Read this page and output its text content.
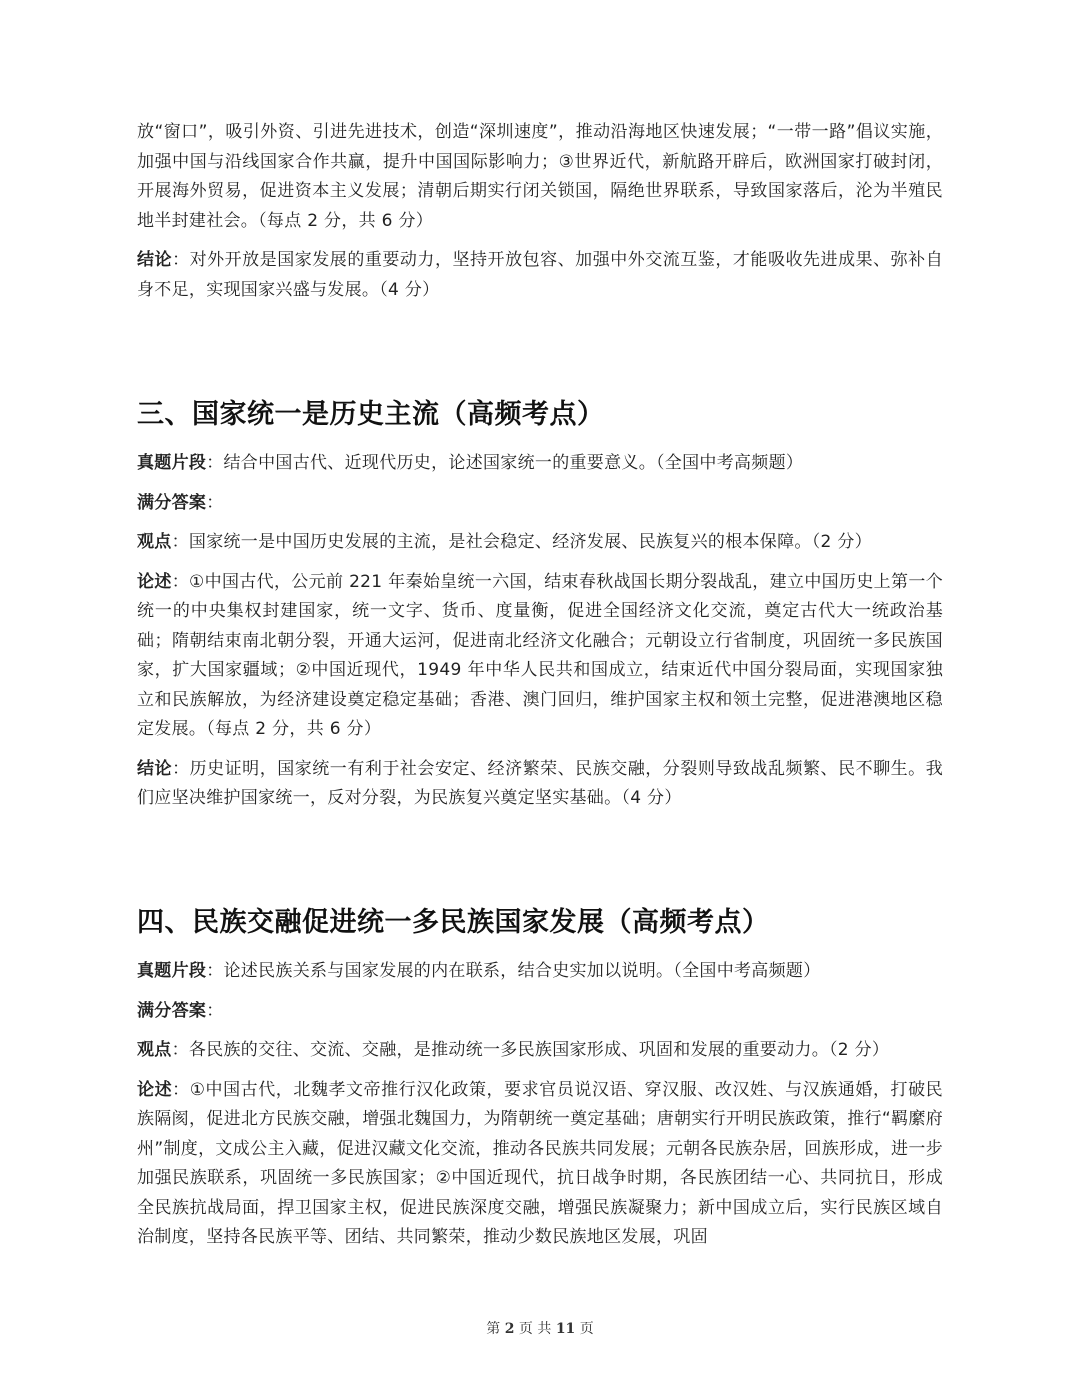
放“窗口”，吸引外资、引进先进技术，创造“深圳速度”，推动沿海地区快速发展；“一带一路”倡议实施，加强中国与沿线国家合作共赢，提升中国国际影响力；③世界近代，新航路开辟后，欧洲国家打破封闭，开展海外贸易，促进资本主义发展；清朝后期实行闭关锁国，隔绝世界联系，导致国家落后，沦为半殖民地半封建社会。（每点 2 分，共 6 分）

结论：对外开放是国家发展的重要动力，坚持开放包容、加强中外交流互鉴，才能吸收先进成果、弥补自身不足，实现国家兴盛与发展。（4 分）

三、国家统一是历史主流（高频考点）

真题片段：结合中国古代、近现代历史，论述国家统一的重要意义。（全国中考高频题）

满分答案：

观点：国家统一是中国历史发展的主流，是社会稳定、经济发展、民族复兴的根本保障。（2 分）

论述：①中国古代，公元前 221 年秦始皇统一六国，结束春秋战国长期分裂战乱，建立中国历史上第一个统一的中央集权封建国家，统一文字、货币、度量衡，促进全国经济文化交流，奠定古代大一统政治基础；隋朝结束南北朝分裂，开通大运河，促进南北经济文化融合；元朝设立行省制度，巩固统一多民族国家，扩大国家疆域；②中国近现代，1949 年中华人民共和国成立，结束近代中国分裂局面，实现国家独立和民族解放，为经济建设奠定稳定基础；香港、澳门回归，维护国家主权和领土完整，促进港澳地区稳定发展。（每点 2 分，共 6 分）

结论：历史证明，国家统一有利于社会安定、经济繁荣、民族交融，分裂则导致战乱频繁、民不聊生。我们应坚决维护国家统一，反对分裂，为民族复兴奠定坚实基础。（4 分）

四、民族交融促进统一多民族国家发展（高频考点）

真题片段：论述民族关系与国家发展的内在联系，结合史实加以说明。（全国中考高频题）

满分答案：

观点：各民族的交往、交流、交融，是推动统一多民族国家形成、巩固和发展的重要动力。（2 分）

论述：①中国古代，北魏孝文帝推行汉化政策，要求官员说汉语、穿汉服、改汉姓、与汉族通婚，打破民族隔阂，促进北方民族交融，增强北魏国力，为隋朝统一奠定基础；唐朝实行开明民族政策，推行“羁縻府州”制度，文成公主入藏，促进汉藏文化交流，推动各民族共同发展；元朝各民族杂居，回族形成，进一步加强民族联系，巩固统一多民族国家；②中国近现代，抗日战争时期，各民族团结一心、共同抗日，形成全民族抗战局面，捍卫国家主权，促进民族深度交融，增强民族凝聚力；新中国成立后，实行民族区域自治制度，坚持各民族平等、团结、共同繁荣，推动少数民族地区发展，巩固

第 2 页 共 11 页
